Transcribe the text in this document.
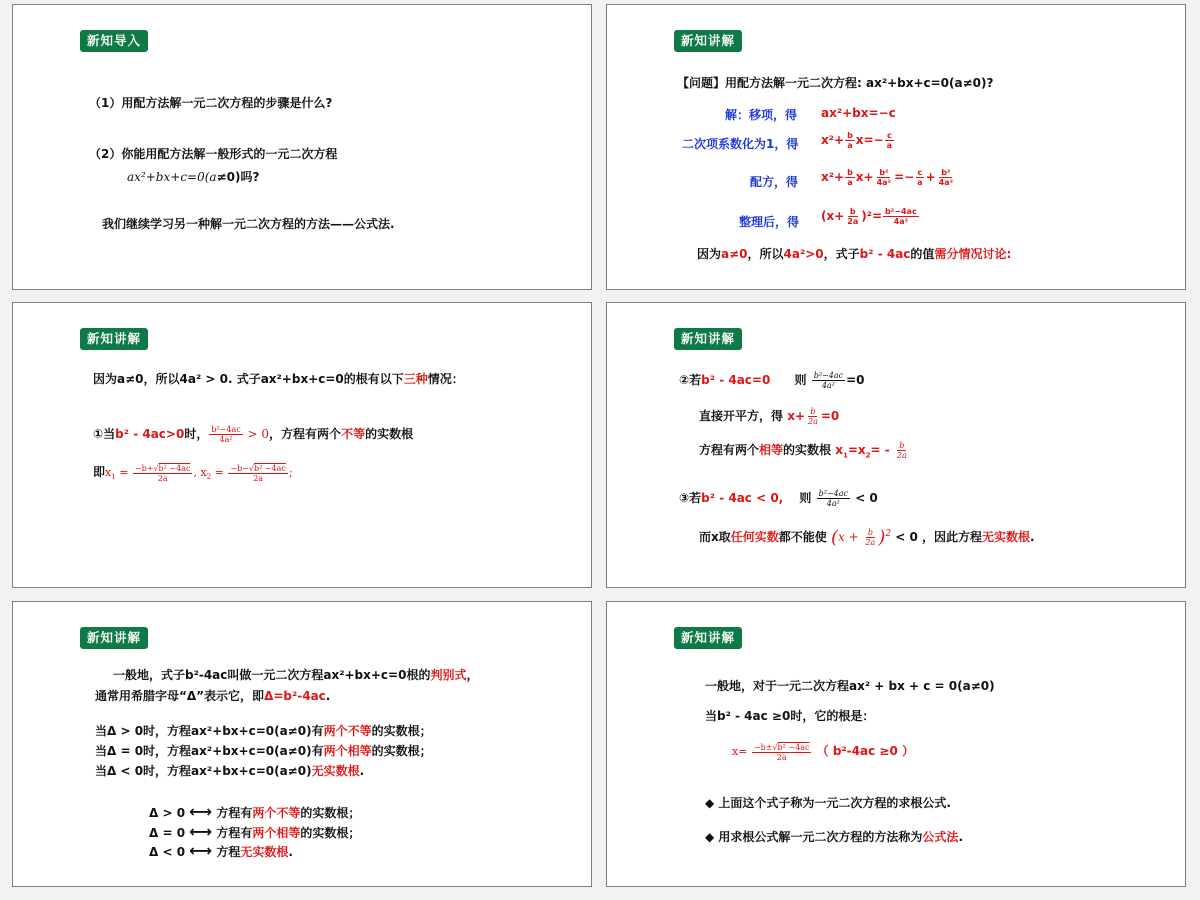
新知导入
（1）用配方法解一元二次方程的步骤是什么?
（2）你能用配方法解一般形式的一元二次方程
ax²+bx+c=0(a≠0)吗?
我们继续学习另一种解一元二次方程的方法——公式法.
新知讲解
【问题】用配方法解一元二次方程: ax²+bx+c=0(a≠0)?
解：移项，得 ax²+bx=−c
二次项系数化为1，得 $x^2+ \frac{b}{a} x=- \frac{c}{a}$
配方，得 $x^2+ \frac{b}{a} x+ \frac{\text{b²}}{\text{4a²}} =- \frac{c}{a} + \frac{\text{b²}}{\text{4a²}}$
整理后，得 $(x+ \frac{b}{2a} )^2= \frac{\text{b²−4ac}}{\text{4a²}}$
因为a≠0，所以4a²>0，式子b² - 4ac的值需分情况讨论:
新知讲解
因为a≠0，所以4a² > 0. 式子ax²+bx+c=0的根有以下三种情况：
①当b² - 4ac>0时， $\frac{\text{b²−4ac}}{\text{4a²}} > 0$，方程有两个不等的实数根
即$x_1 = \frac{\text{−b+√b² −4ac}}{2a}$ , $x_2 = \frac{\text{−b−√b² −4ac}}{2a}$ ;
新知讲解
②若b² - 4ac=0 则 $\frac{\text{b²−4ac}}{\text{4a²}} =0$
直接开平方，得 $x+ \frac{b}{2a} =0$
方程有两个相等的实数根 $x_1=x_2= - \frac{b}{2a}$
③若b² - 4ac < 0, 则 $\frac{\text{b²−4ac}}{\text{4a²}} < 0$
而x取任何实数都不能使 $(x + \frac{b}{2a} )^2 < 0$ ，因此方程无实数根.
新知讲解
一般地，式子b²-4ac叫做一元二次方程ax²+bx+c=0根的判别式，
通常用希腊字母“Δ”表示它，即Δ=b²-4ac.
当Δ > 0时，方程ax²+bx+c=0(a≠0)有两个不等的实数根；
当Δ = 0时，方程ax²+bx+c=0(a≠0)有两个相等的实数根；
当Δ < 0时，方程ax²+bx+c=0(a≠0)无实数根.
Δ > 0 ⟷ 方程有两个不等的实数根；
Δ = 0 ⟷ 方程有两个相等的实数根；
Δ < 0 ⟷ 方程无实数根.
新知讲解
一般地，对于一元二次方程ax² + bx + c = 0(a≠0)
当b² - 4ac ≥0时，它的根是：
$x= \frac{\text{−b±√b² −4ac}}{2a}$ （ b²-4ac ≥0 ）
◆ 上面这个式子称为一元二次方程的求根公式.
◆ 用求根公式解一元二次方程的方法称为公式法.
